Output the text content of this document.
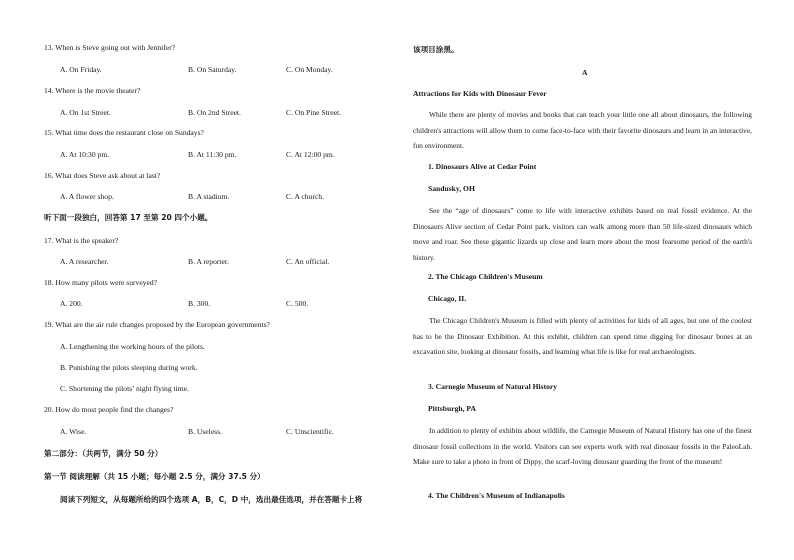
13. When is Steve going out with Jennifer?
A. On Friday.	B. On Saturday.	C. On Monday.
14. Where is the movie theater?
A. On 1st Street.	B. On 2nd Street.	C. On Pine Street.
15. What time does the restaurant close on Sundays?
A. At 10:30 pm.	B. At 11:30 pm.	C. At 12:00 pm.
16. What does Steve ask about at last?
A. A flower shop.	B. A stadium.	C. A church.
听下面一段独白，回答第 17 至第 20 四个小题。
17. What is the speaker?
A. A researcher.	B. A reporter.	C. An official.
18. How many pilots were surveyed?
A. 200.	B. 300.	C. 500.
19. What are the air rule changes proposed by the European governments?
A. Lengthening the working hours of the pilots.
B. Punishing the pilots sleeping during work.
C. Shortening the pilots’ night flying time.
20. How do most people find the changes?
A. Wise.	B. Useless.	C. Unscientific.
第二部分：（共两节，满分 50 分）
第一节 阅读理解（共 15 小题；每小题 2.5 分，满分 37.5 分）
阅读下列短文，从每题所给的四个选项 A，B，C，D 中，选出最佳选项，并在答题卡上将
该项目涂黑。
A
Attractions for Kids with Dinosaur Fever
While there are plenty of movies and books that can teach your little one all about dinosaurs, the following children's attractions will allow them to come face-to-face with their favorite dinosaurs and learn in an interactive, fun environment.
1. Dinosaurs Alive at Cedar Point
Sandusky, OH
See the “age of dinosaurs” come to life with interactive exhibits based on real fossil evidence. At the Dinosaurs Alive section of Cedar Point park, visitors can walk among more than 50 life-sized dinosaurs which move and roar. See these gigantic lizards up close and learn more about the most fearsome period of the earth's history.
2. The Chicago Children's Museum
Chicago, IL
The Chicago Children's Museum is filled with plenty of activities for kids of all ages, but one of the coolest has to be the Dinosaur Exhibition. At this exhibit, children can spend time digging for dinosaur bones at an excavation site, looking at dinosaur fossils, and learning what life is like for real archaeologists.
3. Carnegie Museum of Natural History
Pittsburgh, PA
In addition to plenty of exhibits about wildlife, the Carnegie Museum of Natural History has one of the finest dinosaur fossil collections in the world. Visitors can see experts work with real dinosaur fossils in the PaleoLab. Make sure to take a photo in front of Dippy, the scarf-loving dinosaur guarding the front of the museum!
4. The Children's Museum of Indianapolis
